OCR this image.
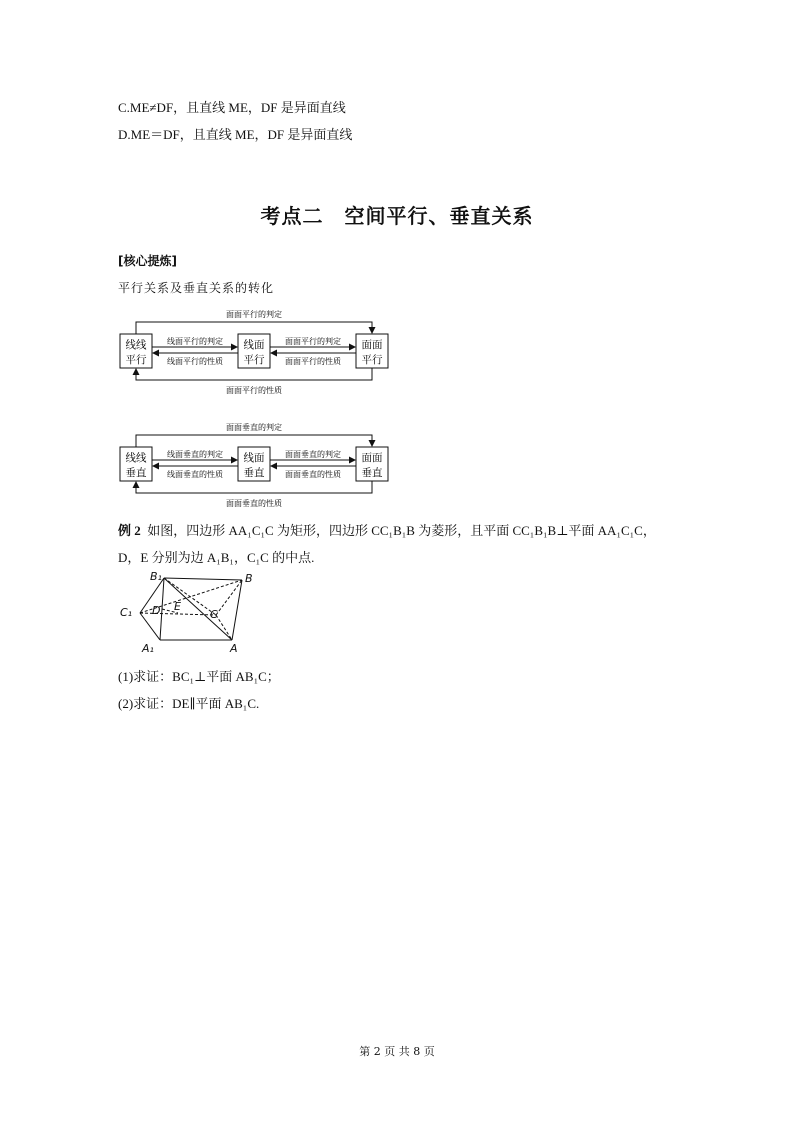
C.ME≠DF，且直线 ME，DF 是异面直线
D.ME＝DF，且直线 ME，DF 是异面直线
考点二　空间平行、垂直关系
[核心提炼]
平行关系及垂直关系的转化
线线
平行
线面
平行
面面
平行
面面平行的判定
面面平行的性质
线面平行的判定
线面平行的性质
面面平行的判定
面面平行的性质
线线
垂直
线面
垂直
面面
垂直
面面垂直的判定
面面垂直的性质
线面垂直的判定
线面垂直的性质
面面垂直的判定
面面垂直的性质
例 2 如图，四边形 AA₁C₁C 为矩形，四边形 CC₁B₁B 为菱形，且平面 CC₁B₁B⊥平面 AA₁C₁C，
D，E 分别为边 A₁B₁，C₁C 的中点.
B₁	B
C₁ D E
C
A₁	A
(1)求证：BC₁⊥平面 AB₁C；
(2)求证：DE∥平面 AB₁C.
第 2 页 共 8 页
